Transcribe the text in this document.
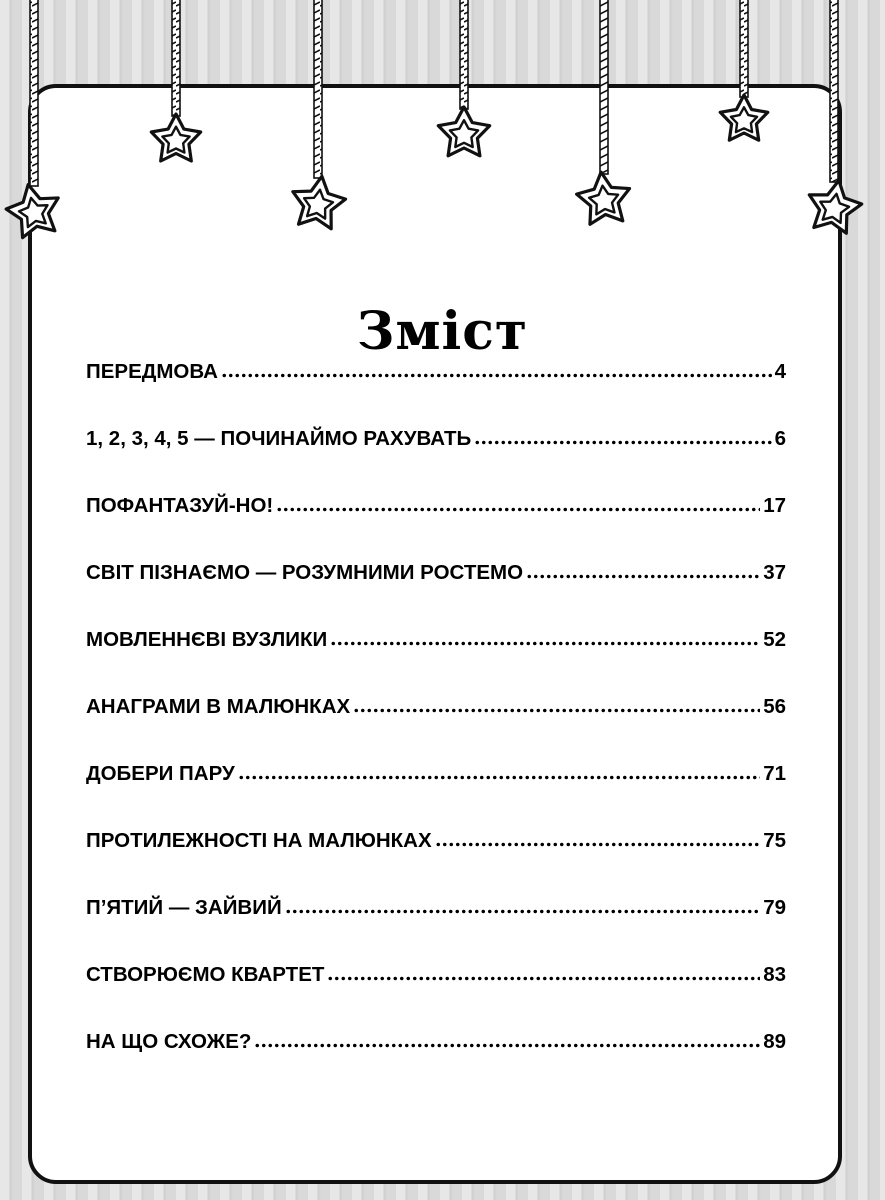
Зміст
ПЕРЕДМОВА	4
1, 2, 3, 4, 5 — ПОЧИНАЙМО РАХУВАТЬ	6
ПОФАНТАЗУЙ-НО!	17
СВІТ ПІЗНАЄМО — РОЗУМНИМИ РОСТЕМО	37
МОВЛЕННЄВІ ВУЗЛИКИ	52
АНАГРАМИ В МАЛЮНКАХ	56
ДОБЕРИ ПАРУ	71
ПРОТИЛЕЖНОСТІ НА МАЛЮНКАХ	75
П’ЯТИЙ — ЗАЙВИЙ	79
СТВОРЮЄМО КВАРТЕТ	83
НА ЩО СХОЖЕ?	89
